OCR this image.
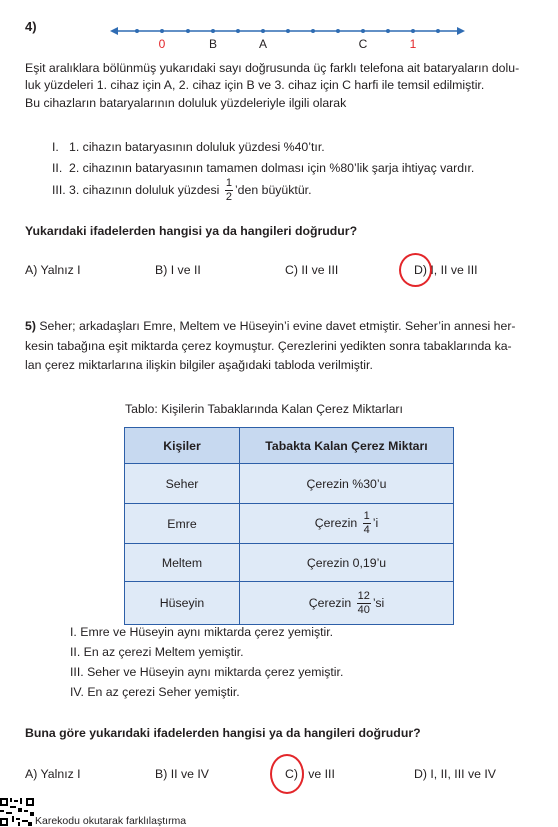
4)
0	B	A	C	1
Eşit aralıklara bölünmüş yukarıdaki sayı doğrusunda üç farklı telefona ait bataryaların dolu-
luk yüzdeleri 1. cihaz için A, 2. cihaz için B ve 3. cihaz için C harfi ile temsil edilmiştir.
Bu cihazların bataryalarının doluluk yüzdeleriyle ilgili olarak
I. 1. cihazın bataryasının doluluk yüzdesi %40’tır.
II. 2. cihazının bataryasının tamamen dolması için %80’lik şarja ihtiyaç vardır.
III. 3. cihazının doluluk yüzdesi $\frac{1}{2}$ ’den büyüktür.
Yukarıdaki ifadelerden hangisi ya da hangileri doğrudur?
A) Yalnız I	B) I ve II	C) II ve III	D) I, II ve III
5) Seher; arkadaşları Emre, Meltem ve Hüseyin’i evine davet etmiştir. Seher’in annesi her-
kesin tabağına eşit miktarda çerez koymuştur. Çerezlerini yedikten sonra tabaklarında ka-
lan çerez miktarlarına ilişkin bilgiler aşağıdaki tabloda verilmiştir.
Tablo: Kişilerin Tabaklarında Kalan Çerez Miktarları
Kişiler	Tabakta Kalan Çerez Miktarı
Seher	Çerezin %30’u
Emre	Çerezin $\frac{1}{4}$ ’i
Meltem	Çerezin 0,19’u
Hüseyin	Çerezin $\frac{12}{40}$ ’si
I. Emre ve Hüseyin aynı miktarda çerez yemiştir.
II. En az çerezi Meltem yemiştir.
III. Seher ve Hüseyin aynı miktarda çerez yemiştir.
IV. En az çerezi Seher yemiştir.
Buna göre yukarıdaki ifadelerden hangisi ya da hangileri doğrudur?
A) Yalnız I	B) II ve IV	C) I ve III	D) I, II, III ve IV
Karekodu okutarak farklılaştırma
